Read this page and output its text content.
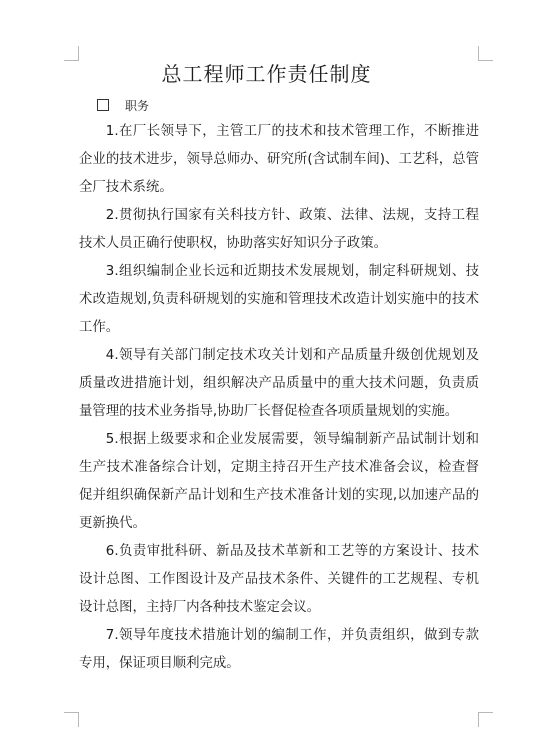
总工程师工作责任制度
职务

1.在厂长领导下，主管工厂的技术和技术管理工作，不断推进企业的技术进步，领导总师办、研究所(含试制车间)、工艺科，总管全厂技术系统。

2.贯彻执行国家有关科技方针、政策、法律、法规，支持工程技术人员正确行使职权，协助落实好知识分子政策。

3.组织编制企业长远和近期技术发展规划，制定科研规划、技术改造规划,负责科研规划的实施和管理技术改造计划实施中的技术工作。

4.领导有关部门制定技术攻关计划和产品质量升级创优规划及质量改进措施计划，组织解决产品质量中的重大技术问题，负责质量管理的技术业务指导,协助厂长督促检查各项质量规划的实施。

5.根据上级要求和企业发展需要，领导编制新产品试制计划和生产技术准备综合计划，定期主持召开生产技术准备会议，检查督促并组织确保新产品计划和生产技术准备计划的实现,以加速产品的更新换代。

6.负责审批科研、新品及技术革新和工艺等的方案设计、技术设计总图、工作图设计及产品技术条件、关键件的工艺规程、专机设计总图，主持厂内各种技术鉴定会议。

7.领导年度技术措施计划的编制工作，并负责组织，做到专款专用，保证项目顺利完成。
